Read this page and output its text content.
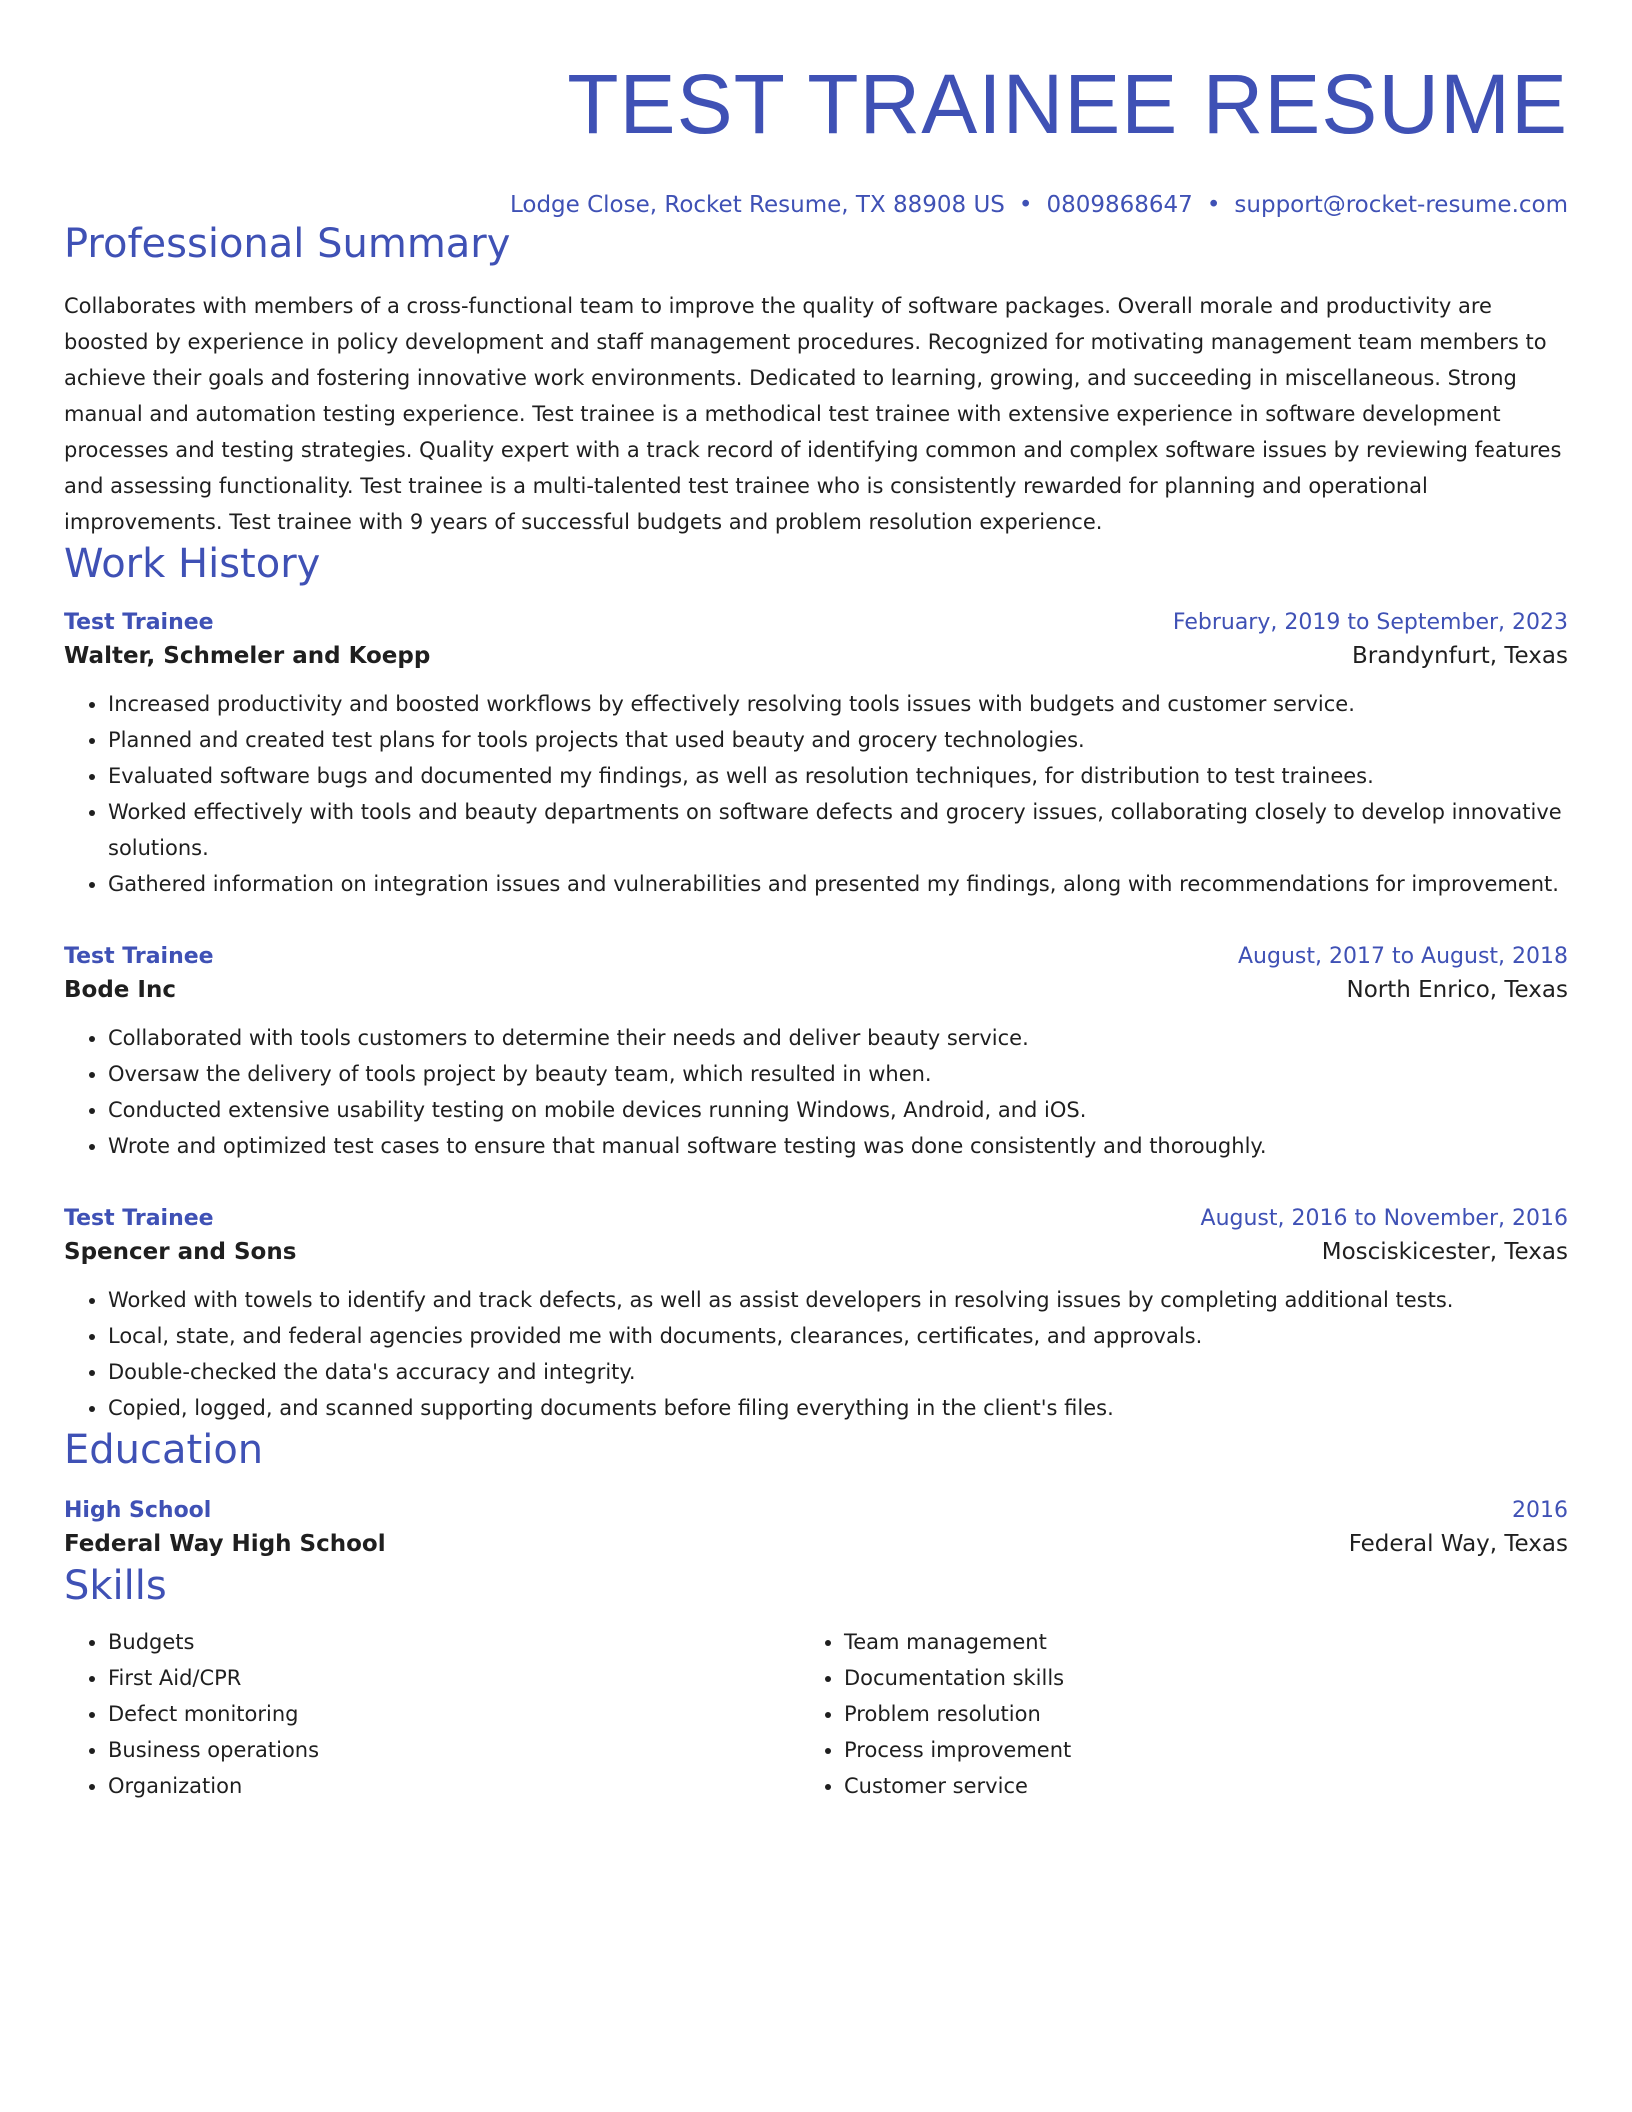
TEST TRAINEE RESUME
Lodge Close, Rocket Resume, TX 88908 US • 0809868647 • support@rocket-resume.com
Professional Summary

Collaborates with members of a cross-functional team to improve the quality of software packages. Overall morale and productivity are boosted by experience in policy development and staff management procedures. Recognized for motivating management team members to achieve their goals and fostering innovative work environments. Dedicated to learning, growing, and succeeding in miscellaneous. Strong manual and automation testing experience. Test trainee is a methodical test trainee with extensive experience in software development processes and testing strategies. Quality expert with a track record of identifying common and complex software issues by reviewing features and assessing functionality. Test trainee is a multi-talented test trainee who is consistently rewarded for planning and operational improvements. Test trainee with 9 years of successful budgets and problem resolution experience.

Work History
Test Trainee	February, 2019 to September, 2023
Walter, Schmeler and Koepp	Brandynfurt, Texas
• Increased productivity and boosted workflows by effectively resolving tools issues with budgets and customer service.
• Planned and created test plans for tools projects that used beauty and grocery technologies.
• Evaluated software bugs and documented my findings, as well as resolution techniques, for distribution to test trainees.
• Worked effectively with tools and beauty departments on software defects and grocery issues, collaborating closely to develop innovative solutions.
• Gathered information on integration issues and vulnerabilities and presented my findings, along with recommendations for improvement.
Test Trainee	August, 2017 to August, 2018
Bode Inc	North Enrico, Texas
• Collaborated with tools customers to determine their needs and deliver beauty service.
• Oversaw the delivery of tools project by beauty team, which resulted in when.
• Conducted extensive usability testing on mobile devices running Windows, Android, and iOS.
• Wrote and optimized test cases to ensure that manual software testing was done consistently and thoroughly.
Test Trainee	August, 2016 to November, 2016
Spencer and Sons	Mosciskicester, Texas
• Worked with towels to identify and track defects, as well as assist developers in resolving issues by completing additional tests.
• Local, state, and federal agencies provided me with documents, clearances, certificates, and approvals.
• Double-checked the data's accuracy and integrity.
• Copied, logged, and scanned supporting documents before filing everything in the client's files.
Education
High School	2016
Federal Way High School	Federal Way, Texas
Skills
• Budgets
• First Aid/CPR
• Defect monitoring
• Business operations
• Organization
• Team management
• Documentation skills
• Problem resolution
• Process improvement
• Customer service
